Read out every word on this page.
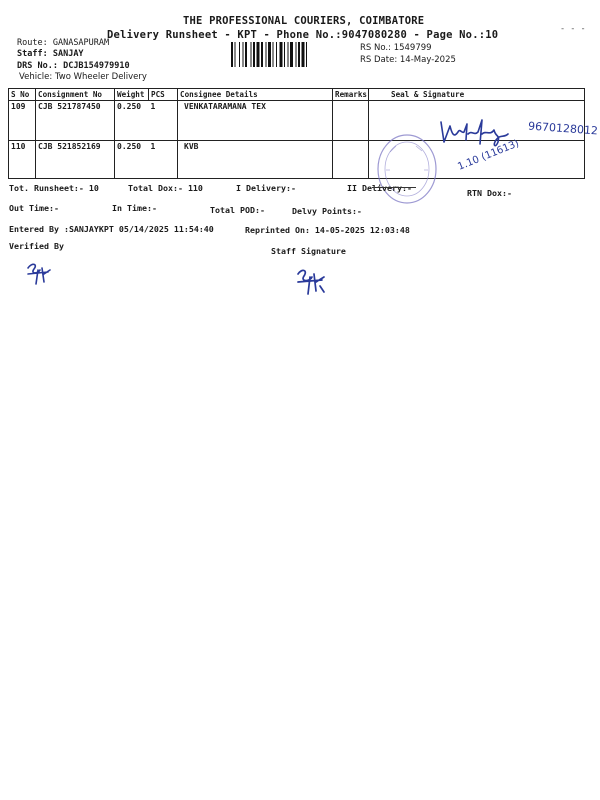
THE PROFESSIONAL COURIERS, COIMBATORE
Delivery Runsheet - KPT - Phone No.:9047080280 - Page No.:10	- - -
Route: GANASAPURAM
Staff: SANJAY
DRS No.: DCJB154979910
Vehicle: Two Wheeler Delivery
RS No.: 1549799
RS Date: 14-May-2025
S No	Consignment No	Weight	PCS	Consignee Details	Remarks	Seal & Signature
109	CJB 521787450	0.250	1	VENKATARAMANA TEX		
110	CJB 521852169	0.250	1	KVB		
9670128012
1.10 (11613)
Tot. Runsheet:- 10	Total Dox:- 110	I Delivery:-	II Delivery:-	RTN Dox:-
Out Time:-	In Time:-	Total POD:-	Delvy Points:-
Entered By :SANJAYKPT 05/14/2025 11:54:40	Reprinted On: 14-05-2025 12:03:48
Verified By	Staff Signature
